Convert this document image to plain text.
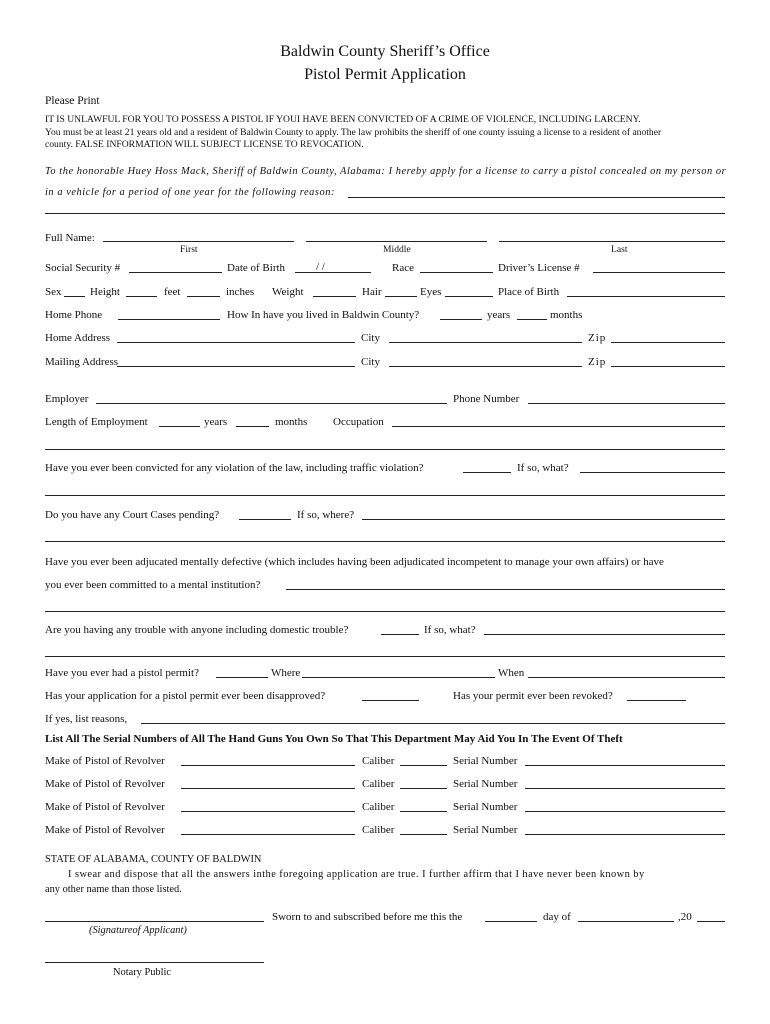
Baldwin County Sheriff’s Office
Pistol Permit Application
Please Print
IT IS UNLAWFUL FOR YOU TO POSSESS A PISTOL IF YOUI HAVE BEEN CONVICTED OF A CRIME OF VIOLENCE, INCLUDING LARCENY.
You must be at least 21 years old and a resident of Baldwin County to apply. The law prohibits the sheriff of one county issuing a license to a resident of another
county. FALSE INFORMATION WILL SUBJECT LICENSE TO REVOCATION.
To the honorable Huey Hoss Mack, Sheriff of Baldwin County, Alabama: I hereby apply for a license to carry a pistol concealed on my person or
in a vehicle for a period of one year for the following reason:
Full Name:
First	Middle	Last
Social Security #	Date of Birth	/ /	Race	Driver’s License #
Sex	Height	feet	inches Weight	Hair	Eyes	Place of Birth
Home Phone	How In have you lived in Baldwin County?	years	months
Home Address	City	Zip
Mailing Address	City	Zip
Employer	Phone Number
Length of Employment	years	months Occupation
Have you ever been convicted for any violation of the law, including traffic violation?	If so, what?
Do you have any Court Cases pending?	If so, where?
Have you ever been adjucated mentally defective (which includes having been adjudicated incompetent to manage your own affairs) or have
you ever been committed to a mental institution?
Are you having any trouble with anyone including domestic trouble?	If so, what?
Have you ever had a pistol permit?	Where	When
Has your application for a pistol permit ever been disapproved?	Has your permit ever been revoked?
If yes, list reasons,
List All The Serial Numbers of All The Hand Guns You Own So That This Department May Aid You In The Event Of Theft
Make of Pistol of Revolver	Caliber	Serial Number
Make of Pistol of Revolver	Caliber	Serial Number
Make of Pistol of Revolver	Caliber	Serial Number
Make of Pistol of Revolver	Caliber	Serial Number
STATE OF ALABAMA, COUNTY OF BALDWIN
I swear and dispose that all the answers inthe foregoing application are true. I further affirm that I have never been known by
any other name than those listed.
Sworn to and subscribed before me this the	day of	,20
(Signatureof Applicant)
Notary Public
